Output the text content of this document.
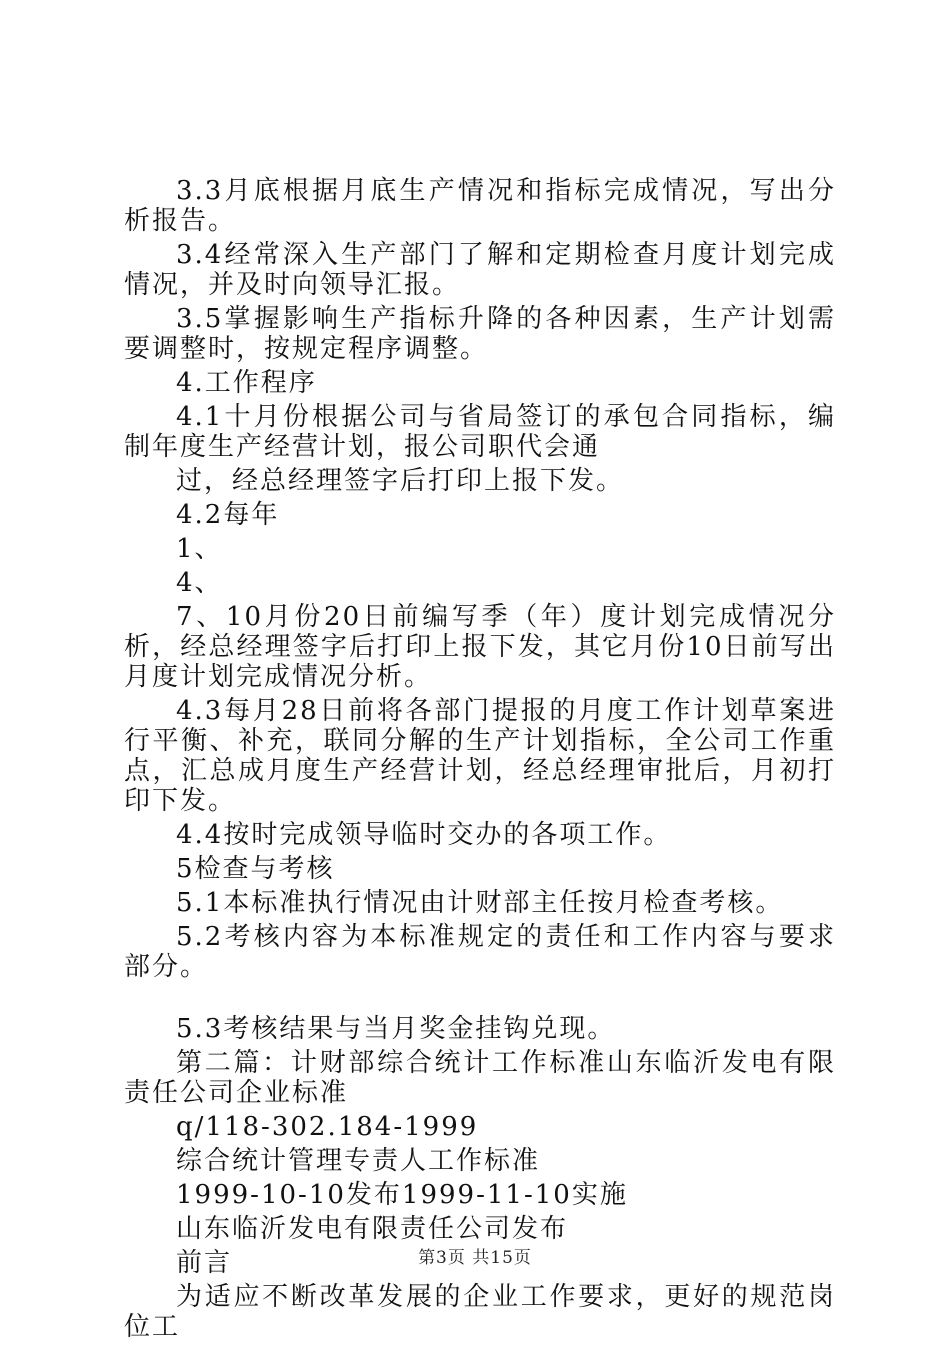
3.3月底根据月底生产情况和指标完成情况，写出分析报告。

3.4经常深入生产部门了解和定期检查月度计划完成情况，并及时向领导汇报。

3.5掌握影响生产指标升降的各种因素，生产计划需要调整时，按规定程序调整。

4.工作程序

4.1十月份根据公司与省局签订的承包合同指标，编制年度生产经营计划，报公司职代会通

过，经总经理签字后打印上报下发。

4.2每年

1、

4、

7、10月份20日前编写季（年）度计划完成情况分析，经总经理签字后打印上报下发，其它月份10日前写出月度计划完成情况分析。

4.3每月28日前将各部门提报的月度工作计划草案进行平衡、补充，联同分解的生产计划指标，全公司工作重点，汇总成月度生产经营计划，经总经理审批后，月初打印下发。

4.4按时完成领导临时交办的各项工作。

5检查与考核

5.1本标准执行情况由计财部主任按月检查考核。

5.2考核内容为本标准规定的责任和工作内容与要求部分。

5.3考核结果与当月奖金挂钩兑现。

第二篇：计财部综合统计工作标准山东临沂发电有限责任公司企业标准

q/118-302.184-1999

综合统计管理专责人工作标准

1999-10-10发布1999-11-10实施

山东临沂发电有限责任公司发布

前言

为适应不断改革发展的企业工作要求，更好的规范岗位工

第3页 共15页
